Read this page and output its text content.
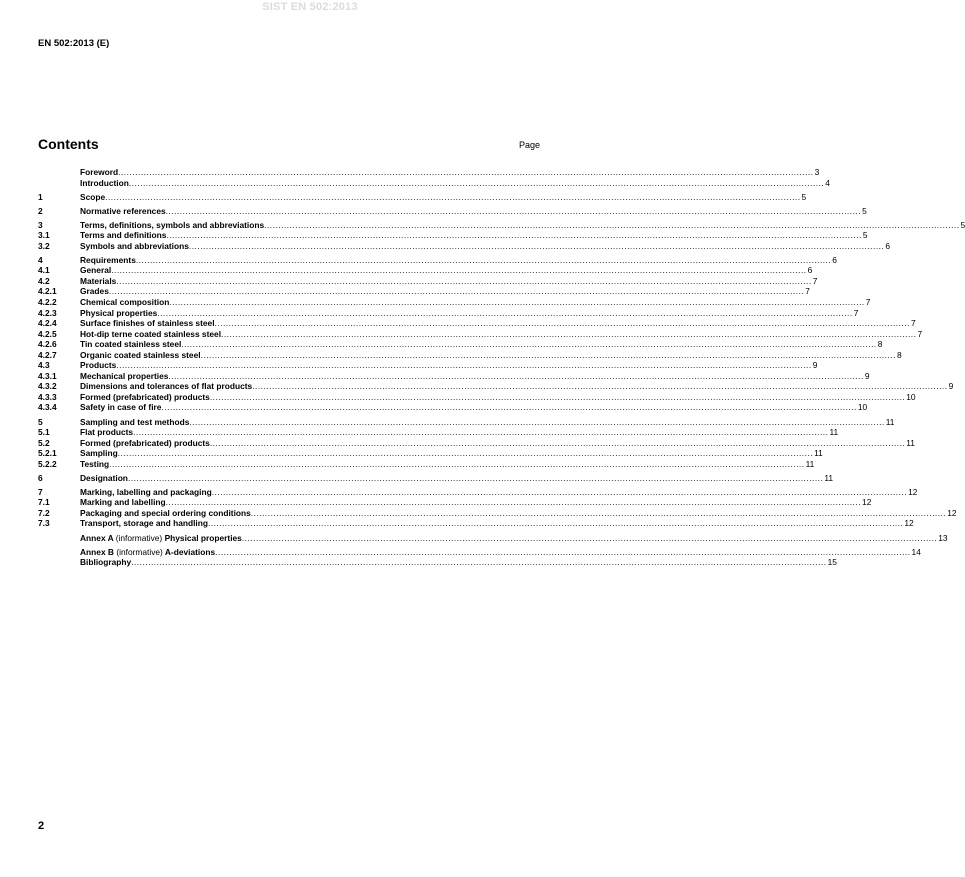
SIST EN 502:2013
EN 502:2013 (E)
Contents	Page
Foreword .....	3
Introduction .....	4
1	Scope .....	5
2	Normative references .....	5
3	Terms, definitions, symbols and abbreviations .....	5
3.1	Terms and definitions .....	5
3.2	Symbols and abbreviations .....	6
4	Requirements .....	6
4.1	General .....	6
4.2	Materials .....	7
4.2.1	Grades .....	7
4.2.2	Chemical composition .....	7
4.2.3	Physical properties .....	7
4.2.4	Surface finishes of stainless steel .....	7
4.2.5	Hot-dip terne coated stainless steel .....	7
4.2.6	Tin coated stainless steel .....	8
4.2.7	Organic coated stainless steel .....	8
4.3	Products .....	9
4.3.1	Mechanical properties .....	9
4.3.2	Dimensions and tolerances of flat products .....	9
4.3.3	Formed (prefabricated) products .....	10
4.3.4	Safety in case of fire .....	10
5	Sampling and test methods .....	11
5.1	Flat products .....	11
5.2	Formed (prefabricated) products .....	11
5.2.1	Sampling .....	11
5.2.2	Testing .....	11
6	Designation .....	11
7	Marking, labelling and packaging .....	12
7.1	Marking and labelling .....	12
7.2	Packaging and special ordering conditions .....	12
7.3	Transport, storage and handling .....	12
Annex A (informative) Physical properties .....	13
Annex B (informative) A-deviations .....	14
Bibliography .....	15
2
